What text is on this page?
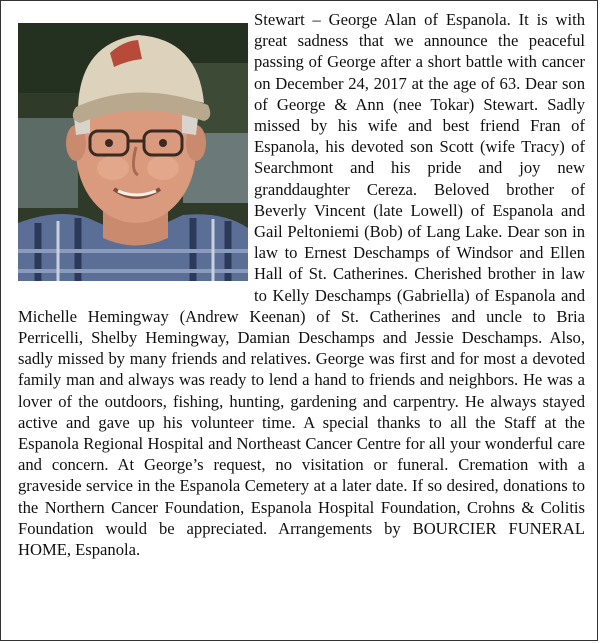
Stewart – George Alan of Espanola. It is with great sadness that we announce the peaceful passing of George after a short battle with cancer on December 24, 2017 at the age of 63. Dear son of George & Ann (nee Tokar) Stewart. Sadly missed by his wife and best friend Fran of Espanola, his devoted son Scott (wife Tracy) of Searchmont and his pride and joy new granddaughter Cereza. Beloved brother of Beverly Vincent (late Lowell) of Espanola and Gail Peltoniemi (Bob) of Lang Lake. Dear son in law to Ernest Deschamps of Windsor and Ellen Hall of St. Catherines. Cherished brother in law to Kelly Deschamps (Gabriella) of Espanola and Michelle Hemingway (Andrew Keenan) of St. Catherines and uncle to Bria Perricelli, Shelby Hemingway, Damian Deschamps and Jessie Deschamps. Also, sadly missed by many friends and relatives. George was first and for most a devoted family man and always was ready to lend a hand to friends and neighbors. He was a lover of the outdoors, fishing, hunting, gardening and carpentry. He always stayed active and gave up his volunteer time. A special thanks to all the Staff at the Espanola Regional Hospital and Northeast Cancer Centre for all your wonderful care and concern. At George’s request, no visitation or funeral. Cremation with a graveside service in the Espanola Cemetery at a later date. If so desired, donations to the Northern Cancer Foundation, Espanola Hospital Foundation, Crohns & Colitis Foundation would be appreciated. Arrangements by BOURCIER FUNERAL HOME, Espanola.
